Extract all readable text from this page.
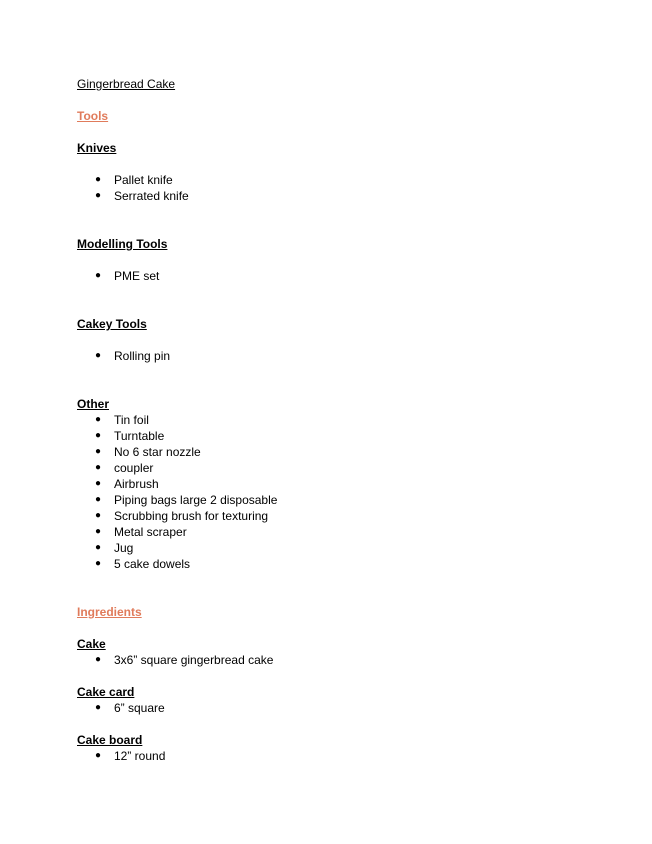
Gingerbread Cake
Tools
Knives
● Pallet knife
● Serrated knife
Modelling Tools
● PME set
Cakey Tools
● Rolling pin
Other
● Tin foil
● Turntable
● No 6 star nozzle
● coupler
● Airbrush
● Piping bags large 2 disposable
● Scrubbing brush for texturing
● Metal scraper
● Jug
● 5 cake dowels
Ingredients
Cake
● 3x6” square gingerbread cake
Cake card
● 6” square
Cake board
● 12” round
